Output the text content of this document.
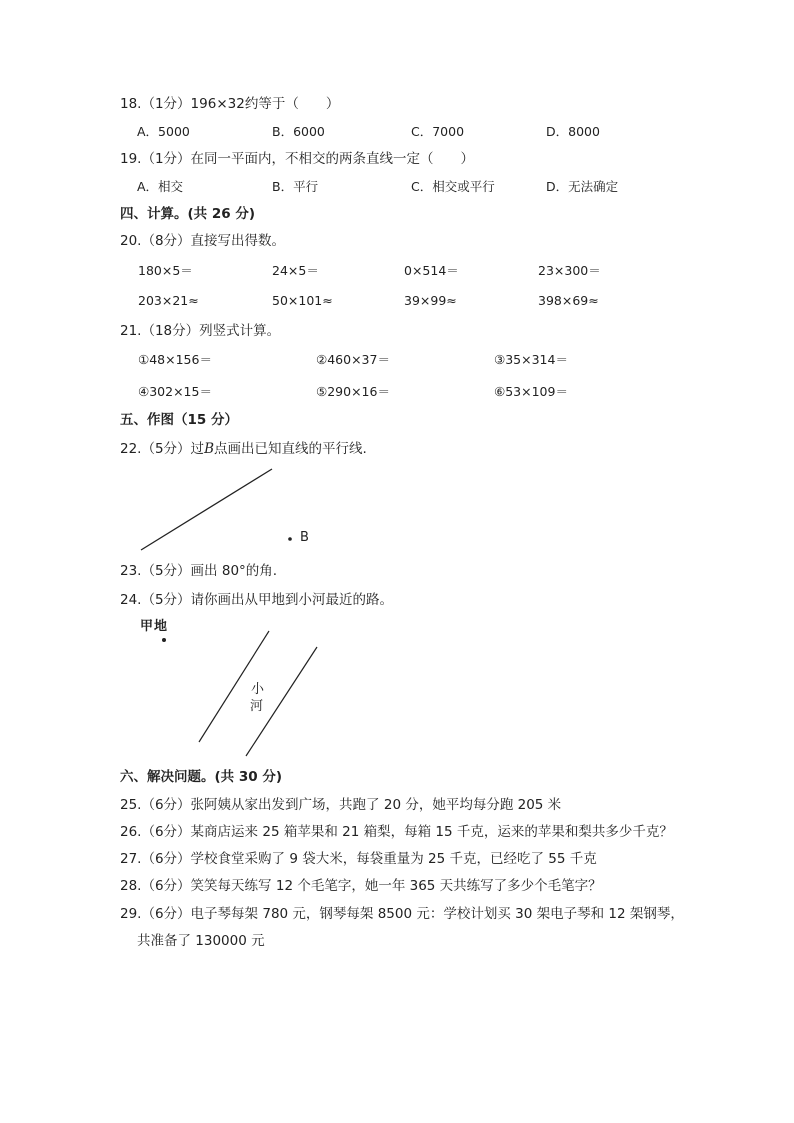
18.（1分）196×32约等于（　　）
A．5000	B．6000	C．7000	D．8000
19.（1分）在同一平面内，不相交的两条直线一定（　　）
A．相交	B．平行	C．相交或平行	D．无法确定
四、计算。(共 26 分)
20.（8分）直接写出得数。
180×5＝	24×5＝	0×514＝	23×300＝
203×21≈	50×101≈	39×99≈	398×69≈
21.（18分）列竖式计算。
①48×156＝	②460×37＝	③35×314＝
④302×15＝	⑤290×16＝	⑥53×109＝
五、作图（15 分）
22.（5分）过B点画出已知直线的平行线.
B
23.（5分）画出 80°的角.
24.（5分）请你画出从甲地到小河最近的路。
甲地
小
河
六、解决问题。(共 30 分)
25.（6分）张阿姨从家出发到广场，共跑了 20 分，她平均每分跑 205 米
26.（6分）某商店运来 25 箱苹果和 21 箱梨，每箱 15 千克，运来的苹果和梨共多少千克？
27.（6分）学校食堂采购了 9 袋大米，每袋重量为 25 千克，已经吃了 55 千克
28.（6分）笑笑每天练写 12 个毛笔字，她一年 365 天共练写了多少个毛笔字？
29.（6分）电子琴每架 780 元，钢琴每架 8500 元：学校计划买 30 架电子琴和 12 架钢琴，
共准备了 130000 元
